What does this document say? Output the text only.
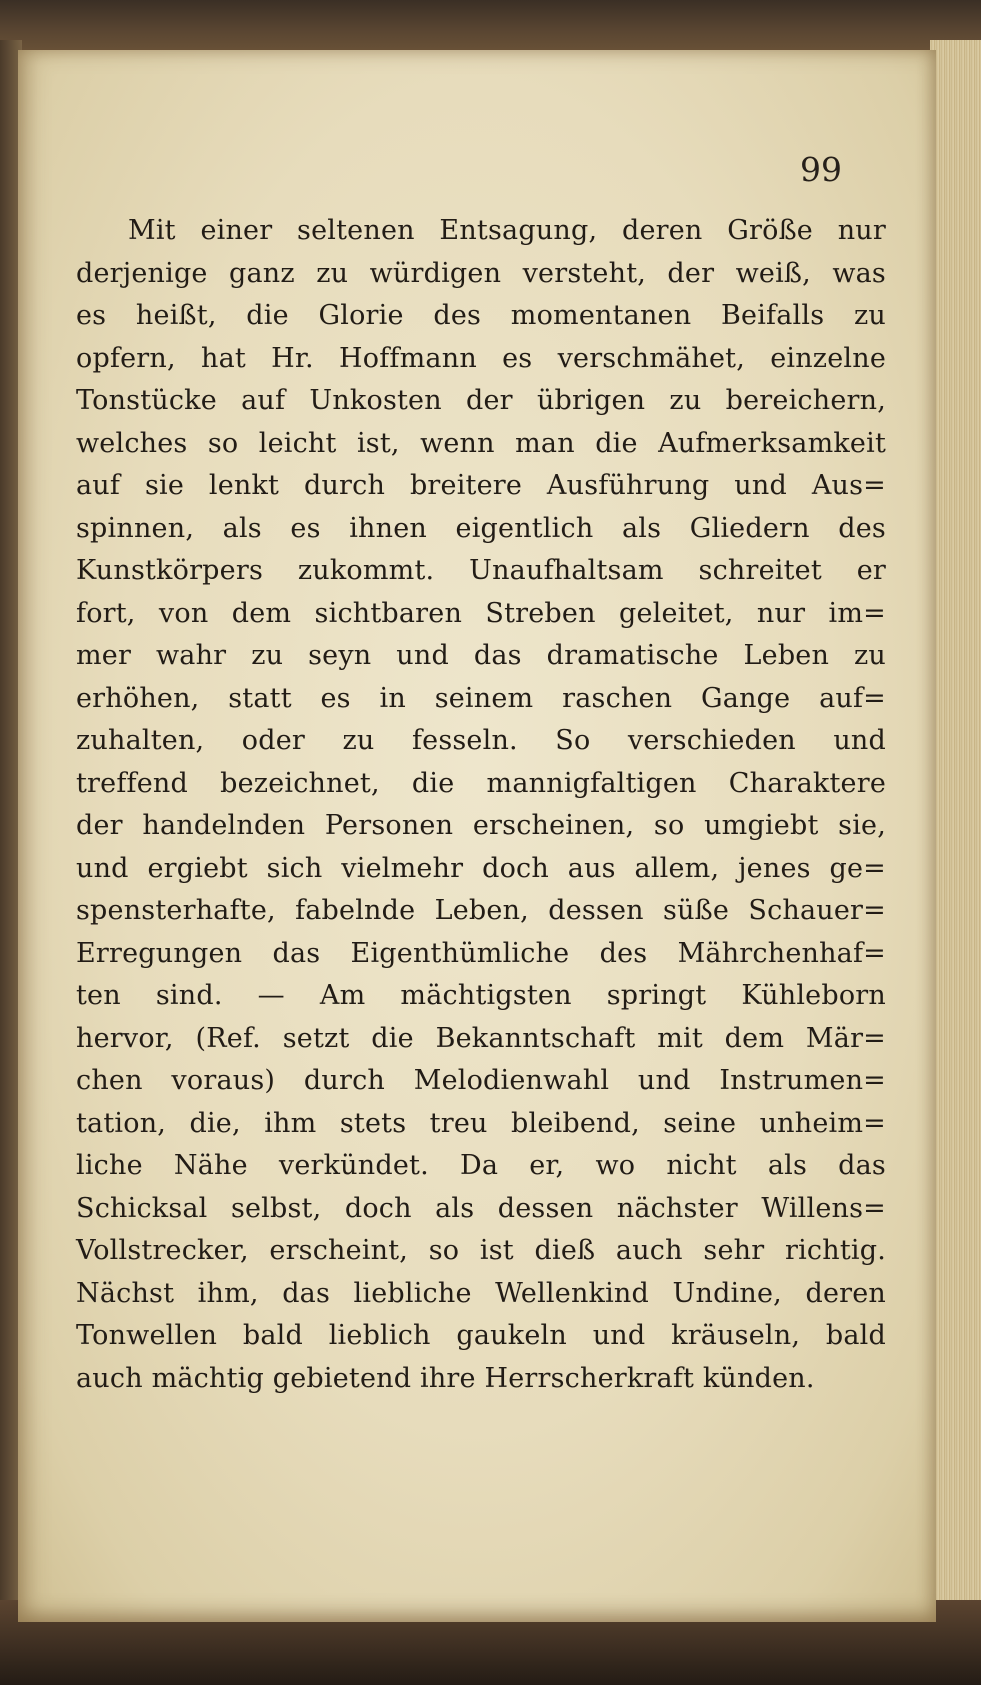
99

Mit einer seltenen Entsagung, deren Größe nur
derjenige ganz zu würdigen versteht, der weiß, was
es heißt, die Glorie des momentanen Beifalls zu
opfern, hat Hr. Hoffmann es verschmähet, einzelne
Tonstücke auf Unkosten der übrigen zu bereichern,
welches so leicht ist, wenn man die Aufmerksamkeit
auf sie lenkt durch breitere Ausführung und Aus=
spinnen, als es ihnen eigentlich als Gliedern des
Kunstkörpers zukommt. Unaufhaltsam schreitet er
fort, von dem sichtbaren Streben geleitet, nur im=
mer wahr zu seyn und das dramatische Leben zu
erhöhen, statt es in seinem raschen Gange auf=
zuhalten, oder zu fesseln. So verschieden und
treffend bezeichnet, die mannigfaltigen Charaktere
der handelnden Personen erscheinen, so umgiebt sie,
und ergiebt sich vielmehr doch aus allem, jenes ge=
spensterhafte, fabelnde Leben, dessen süße Schauer=
Erregungen das Eigenthümliche des Mährchenhaf=
ten sind. — Am mächtigsten springt Kühleborn
hervor, (Ref. setzt die Bekanntschaft mit dem Mär=
chen voraus) durch Melodienwahl und Instrumen=
tation, die, ihm stets treu bleibend, seine unheim=
liche Nähe verkündet. Da er, wo nicht als das
Schicksal selbst, doch als dessen nächster Willens=
Vollstrecker, erscheint, so ist dieß auch sehr richtig.
Nächst ihm, das liebliche Wellenkind Undine, deren
Tonwellen bald lieblich gaukeln und kräuseln, bald
auch mächtig gebietend ihre Herrscherkraft künden.
